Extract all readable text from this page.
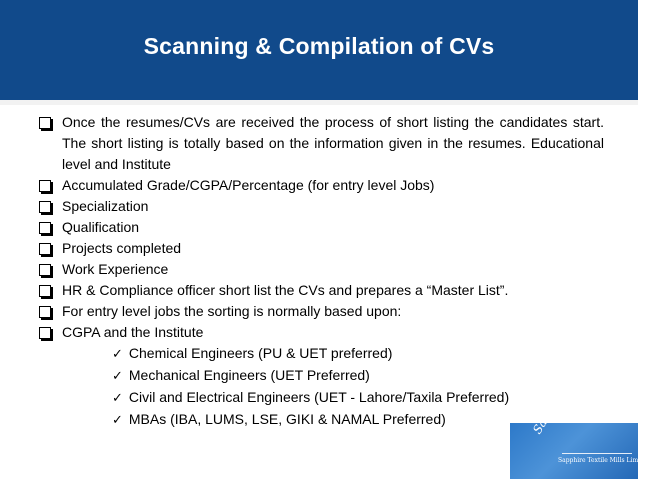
Scanning & Compilation of CVs

Once the resumes/CVs are received the process of short listing the candidates start. The short listing is totally based on the information given in the resumes. Educational level and Institute

Accumulated Grade/CGPA/Percentage (for entry level Jobs)

Specialization

Qualification

Projects completed

Work Experience

HR & Compliance officer short list the CVs and prepares a “Master List”.

For entry level jobs the sorting is normally based upon:

CGPA and the Institute

✓ Chemical Engineers (PU & UET preferred)
✓ Mechanical Engineers (UET Preferred)
✓ Civil and Electrical Engineers (UET - Lahore/Taxila Preferred)
✓ MBAs (IBA, LUMS, LSE, GIKI & NAMAL Preferred)	Sapphire
Sapphire Textile Mills Limited
